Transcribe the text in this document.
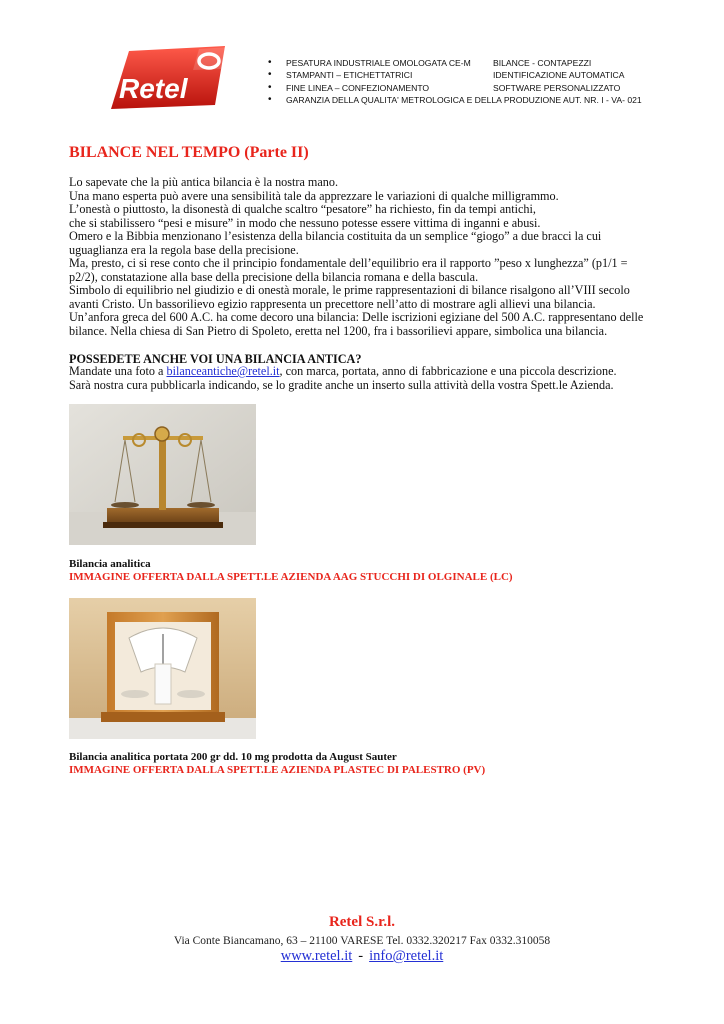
Retel
• PESATURA INDUSTRIALE OMOLOGATA CE-M	BILANCE - CONTAPEZZI
• STAMPANTI – ETICHETTATRICI	IDENTIFICAZIONE AUTOMATICA
• FINE LINEA – CONFEZIONAMENTO	SOFTWARE PERSONALIZZATO
• GARANZIA DELLA QUALITA' METROLOGICA E DELLA PRODUZIONE AUT. NR. I - VA- 021
BILANCE NEL TEMPO (Parte II)
Lo sapevate che la più antica bilancia è la nostra mano.
Una mano esperta può avere una sensibilità tale da apprezzare le variazioni di qualche milligrammo.
L’onestà o piuttosto, la disonestà di qualche scaltro “pesatore” ha richiesto, fin da tempi antichi,
che si stabilissero “pesi e misure” in modo che nessuno potesse essere vittima di inganni e abusi.
Omero e la Bibbia menzionano l’esistenza della bilancia costituita da un semplice “giogo” a due bracci la cui
uguaglianza era la regola base della precisione.
Ma, presto, ci si rese conto che il principio fondamentale dell’equilibrio era il rapporto ”peso x lunghezza” (p1/1 =
p2/2), constatazione alla base della precisione della bilancia romana e della bascula.
Simbolo di equilibrio nel giudizio e di onestà morale, le prime rappresentazioni di bilance risalgono all’VIII secolo
avanti Cristo. Un bassorilievo egizio rappresenta un precettore nell’atto di mostrare agli allievi una bilancia.
Un’anfora greca del 600 A.C. ha come decoro una bilancia: Delle iscrizioni egiziane del 500 A.C. rappresentano delle
bilance. Nella chiesa di San Pietro di Spoleto, eretta nel 1200, fra i bassorilievi appare, simbolica una bilancia.
POSSEDETE ANCHE VOI UNA BILANCIA ANTICA?
Mandate una foto a bilanceantiche@retel.it, con marca, portata, anno di fabbricazione e una piccola descrizione.
Sarà nostra cura pubblicarla indicando, se lo gradite anche un inserto sulla attività della vostra Spett.le Azienda.
Bilancia analitica
IMMAGINE OFFERTA DALLA SPETT.LE AZIENDA AAG STUCCHI DI OLGINALE (LC)
Bilancia analitica portata 200 gr dd. 10 mg prodotta da August Sauter
IMMAGINE OFFERTA DALLA SPETT.LE AZIENDA PLASTEC DI PALESTRO (PV)
Retel S.r.l.
Via Conte Biancamano, 63 – 21100 VARESE Tel. 0332.320217 Fax 0332.310058
www.retel.it - info@retel.it
